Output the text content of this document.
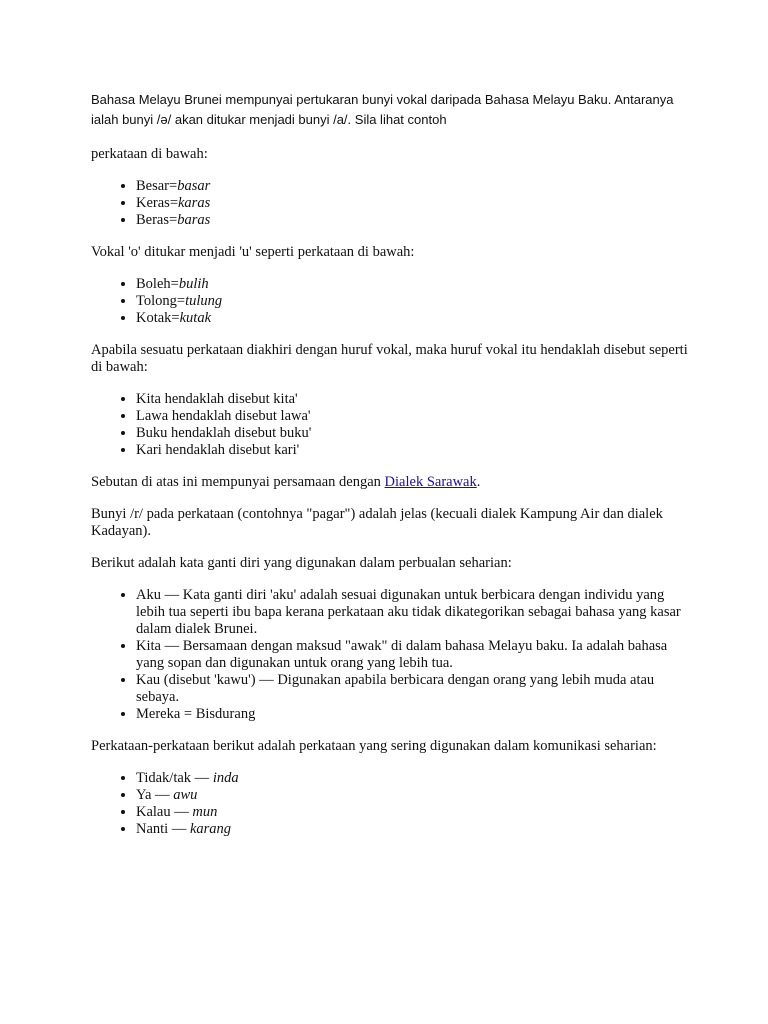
Bahasa Melayu Brunei mempunyai pertukaran bunyi vokal daripada Bahasa Melayu Baku. Antaranya ialah bunyi /ə/ akan ditukar menjadi bunyi /a/. Sila lihat contoh

perkataan di bawah:

• Besar=basar
• Keras=karas
• Beras=baras

Vokal 'o' ditukar menjadi 'u' seperti perkataan di bawah:

• Boleh=bulih
• Tolong=tulung
• Kotak=kutak

Apabila sesuatu perkataan diakhiri dengan huruf vokal, maka huruf vokal itu hendaklah disebut seperti di bawah:

• Kita hendaklah disebut kita'
• Lawa hendaklah disebut lawa'
• Buku hendaklah disebut buku'
• Kari hendaklah disebut kari'

Sebutan di atas ini mempunyai persamaan dengan Dialek Sarawak.

Bunyi /r/ pada perkataan (contohnya "pagar") adalah jelas (kecuali dialek Kampung Air dan dialek Kadayan).

Berikut adalah kata ganti diri yang digunakan dalam perbualan seharian:

• Aku — Kata ganti diri 'aku' adalah sesuai digunakan untuk berbicara dengan individu yang lebih tua seperti ibu bapa kerana perkataan aku tidak dikategorikan sebagai bahasa yang kasar dalam dialek Brunei.
• Kita — Bersamaan dengan maksud "awak" di dalam bahasa Melayu baku. Ia adalah bahasa yang sopan dan digunakan untuk orang yang lebih tua.
• Kau (disebut 'kawu') — Digunakan apabila berbicara dengan orang yang lebih muda atau sebaya.
• Mereka = Bisdurang

Perkataan-perkataan berikut adalah perkataan yang sering digunakan dalam komunikasi seharian:

• Tidak/tak — inda
• Ya — awu
• Kalau — mun
• Nanti — karang
